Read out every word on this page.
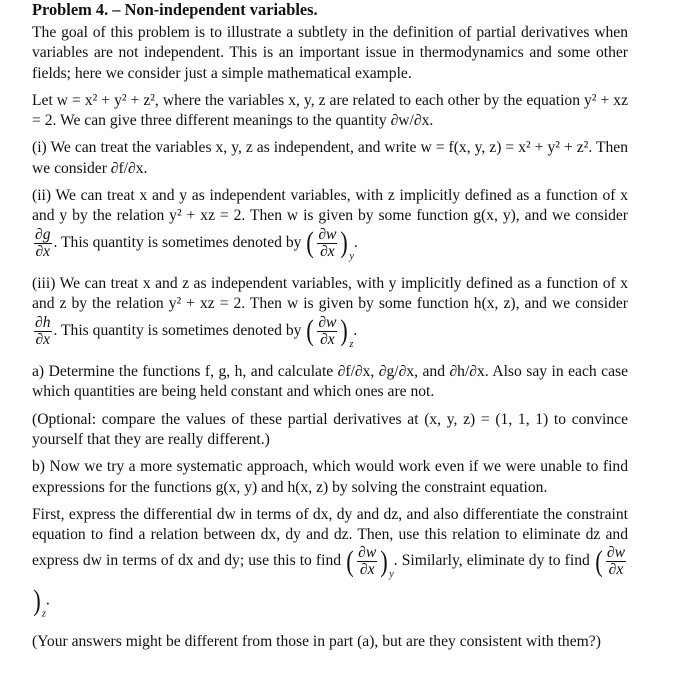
Problem 4. – Non-independent variables.

The goal of this problem is to illustrate a subtlety in the definition of partial derivatives when variables are not independent. This is an important issue in thermodynamics and some other fields; here we consider just a simple mathematical example.

Let w = x² + y² + z², where the variables x, y, z are related to each other by the equation y² + xz = 2. We can give three different meanings to the quantity ∂w/∂x.

(i) We can treat the variables x, y, z as independent, and write w = f(x, y, z) = x² + y² + z². Then we consider ∂f/∂x.

(ii) We can treat x and y as independent variables, with z implicitly defined as a function of x and y by the relation y² + xz = 2. Then w is given by some function g(x, y), and we consider
$\frac{\partial g}{\partial x}$ . This quantity is sometimes denoted by ( $\frac{\partial w}{\partial x} )_y$.

(iii) We can treat x and z as independent variables, with y implicitly defined as a function of x and z by the relation y² + xz = 2. Then w is given by some function h(x, z), and we consider
$\frac{\partial h}{\partial x}$ . This quantity is sometimes denoted by ( $\frac{\partial w}{\partial x} )_z$.

a) Determine the functions f, g, h, and calculate ∂f/∂x, ∂g/∂x, and ∂h/∂x. Also say in each case which quantities are being held constant and which ones are not.

(Optional: compare the values of these partial derivatives at (x, y, z) = (1, 1, 1) to convince yourself that they are really different.)

b) Now we try a more systematic approach, which would work even if we were unable to find expressions for the functions g(x, y) and h(x, z) by solving the constraint equation.

First, express the differential dw in terms of dx, dy and dz, and also differentiate the constraint equation to find a relation between dx, dy and dz. Then, use this relation to eliminate dz and express dw in terms of dx and dy; use this to find ( $\frac{\partial w}{\partial x} )_y$. Similarly, eliminate dy to find ( $\frac{\partial w}{\partial x}$
)$_z$.

(Your answers might be different from those in part (a), but are they consistent with them?)
